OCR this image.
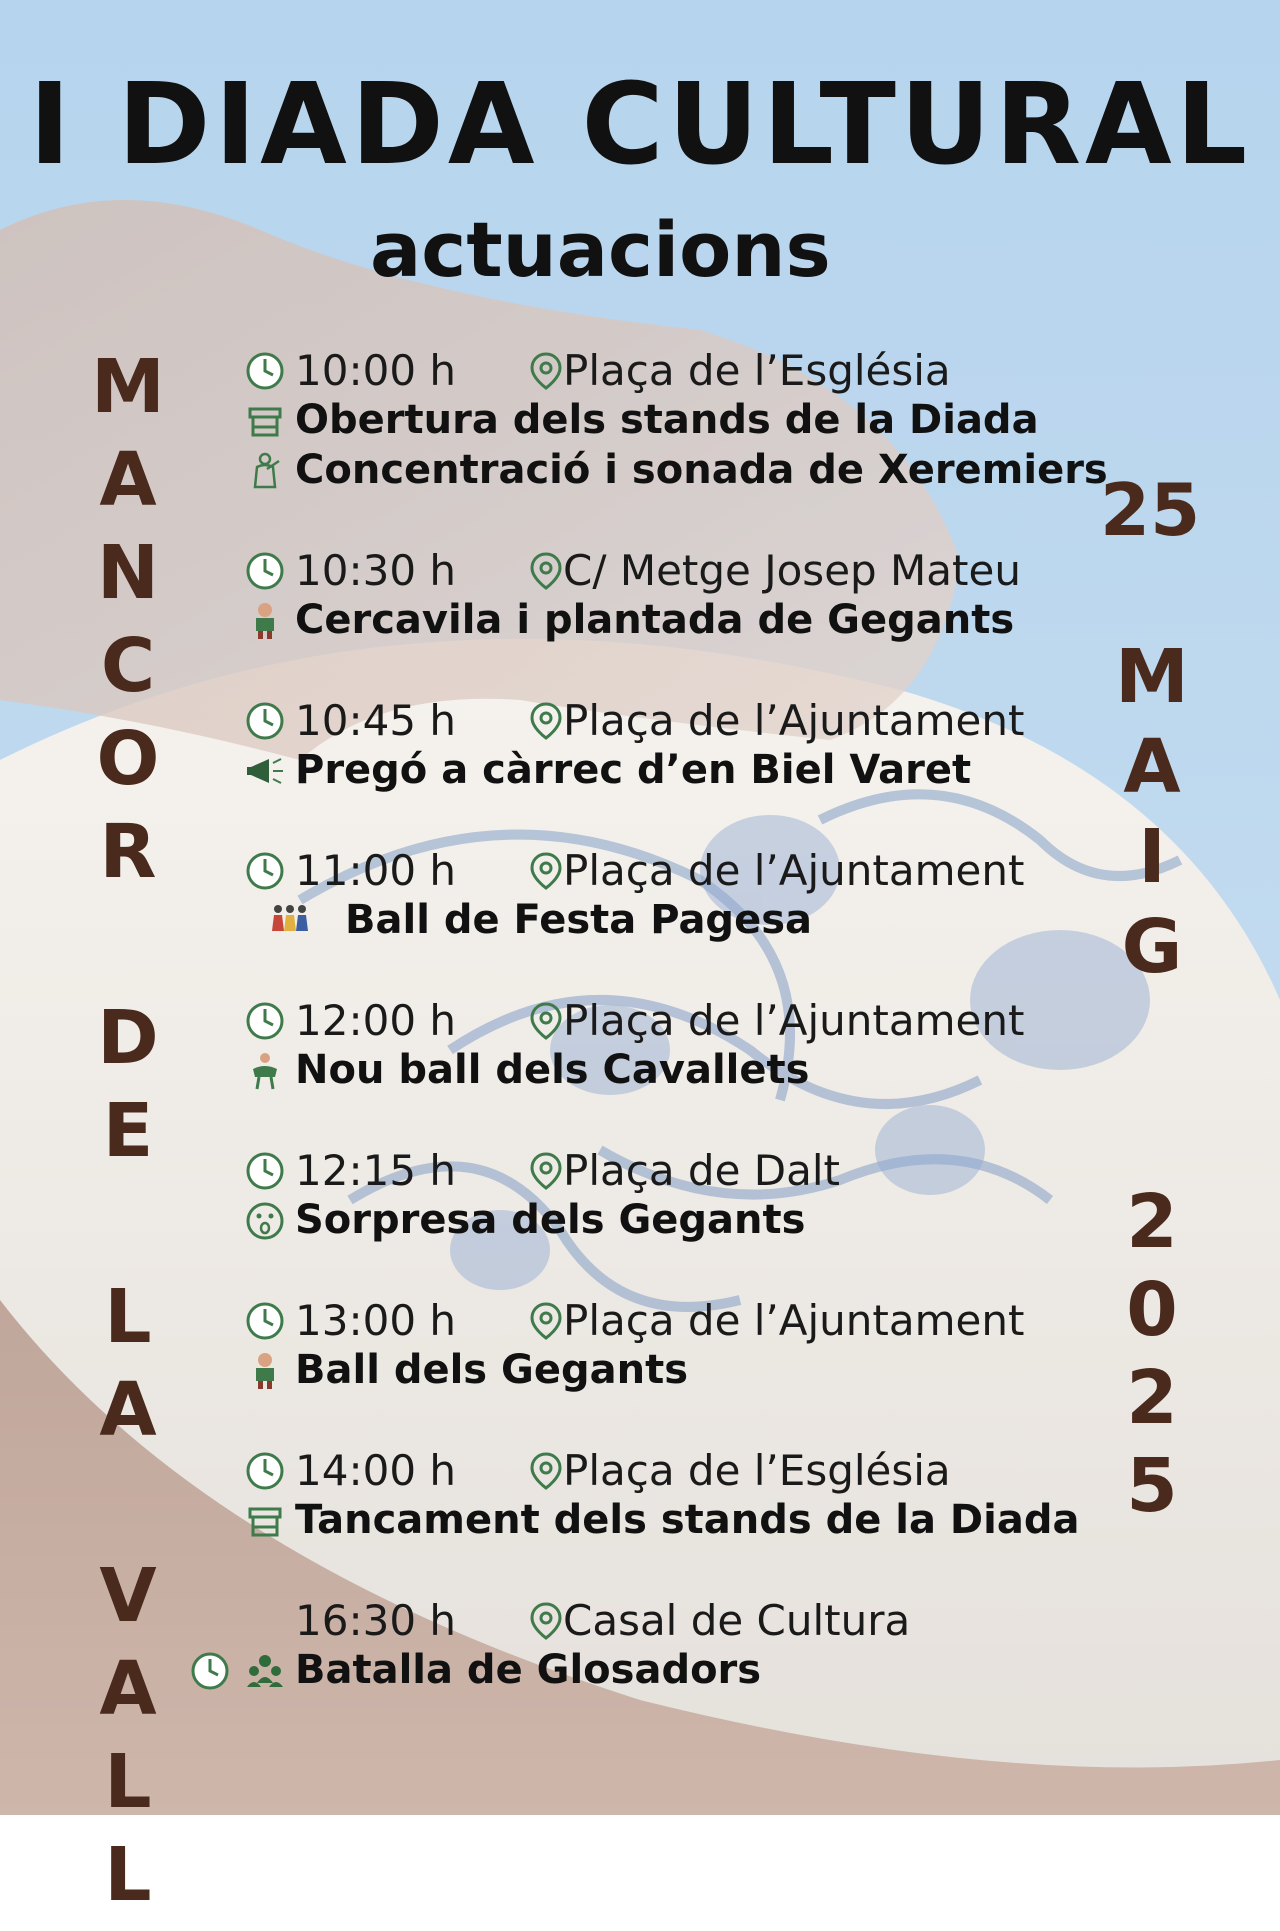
I DIADA CULTURAL
actuacions
M
A
N
C
O
R
D
E
L
A
V
A
L
L
25
M
A
I
G
2
0
2
5
10:00 h	Plaça de l’Església
Obertura dels stands de la Diada
Concentració i sonada de Xeremiers
10:30 h	C/ Metge Josep Mateu
Cercavila i plantada de Gegants
10:45 h	Plaça de l’Ajuntament
Pregó a càrrec d’en Biel Varet
11:00 h	Plaça de l’Ajuntament
Ball de Festa Pagesa
12:00 h	Plaça de l’Ajuntament
Nou ball dels Cavallets
12:15 h	Plaça de Dalt
Sorpresa dels Gegants
13:00 h	Plaça de l’Ajuntament
Ball dels Gegants
14:00 h	Plaça de l’Església
Tancament dels stands de la Diada
16:30 h	Casal de Cultura
Batalla de Glosadors
